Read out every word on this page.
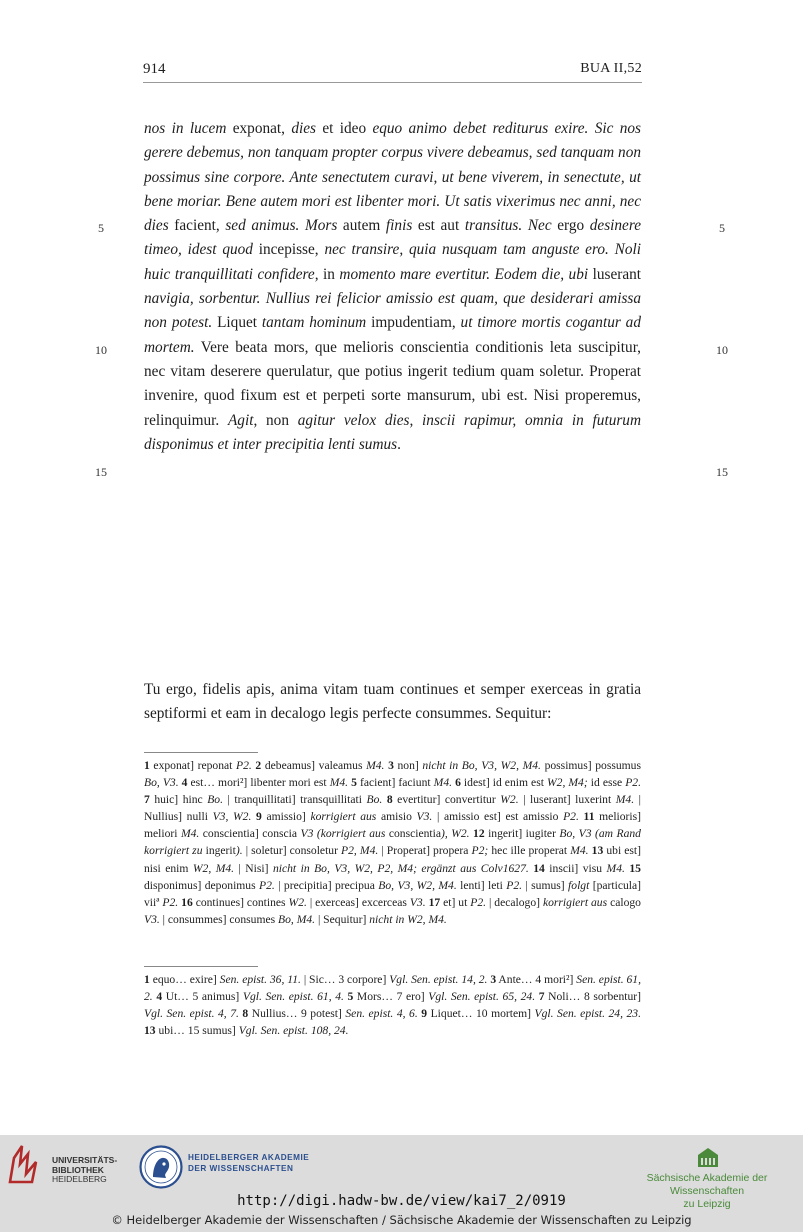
914	BUA II,52
5	5
10	10
15	15
nos in lucem exponat, dies et ideo equo animo debet rediturus exire. Sic nos gerere debemus, non tanquam propter corpus vivere debeamus, sed tanquam non possimus sine corpore. Ante senectutem curavi, ut bene viverem, in senectute, ut bene moriar. Bene autem mori est libenter mori. Ut satis vixerimus nec anni, nec dies facient, sed animus. Mors autem finis est aut transitus. Nec ergo desinere timeo, idest quod incepisse, nec transire, quia nusquam tam anguste ero. Noli huic tranquillitati confidere, in momento mare evertitur. Eodem die, ubi luserant navigia, sorbentur. Nullius rei felicior amissio est quam, que desiderari amissa non potest. Liquet tantam hominum impudentiam, ut timore mortis cogantur ad mortem. Vere beata mors, que melioris conscientia conditionis leta suscipitur, nec vitam deserere querulatur, que potius ingerit tedium quam soletur. Properat invenire, quod fixum est et perpeti sorte mansurum, ubi est. Nisi properemus, relinquimur. Agit, non agitur velox dies, inscii rapimur, omnia in futurum disponimus et inter precipitia lenti sumus.
Tu ergo, fidelis apis, anima vitam tuam continues et semper exerceas in gratia septiformi et eam in decalogo legis perfecte consummes. Sequitur:
1 exponat] reponat P2. 2 debeamus] valeamus M4. 3 non] nicht in Bo, V3, W2, M4. possimus] possumus Bo, V3. 4 est… mori²] libenter mori est M4. 5 facient] faciunt M4. 6 idest] id enim est W2, M4; id esse P2. 7 huic] hinc Bo. | tranquillitati] transquillitati Bo. 8 evertitur] convertitur W2. | luserant] luxerint M4. | Nullius] nulli V3, W2. 9 amissio] korrigiert aus amisio V3. | amissio est] est amissio P2. 11 melioris] meliori M4. conscientia] conscia V3 (korrigiert aus conscientia), W2. 12 ingerit] iugiter Bo, V3 (am Rand korrigiert zu ingerit). | soletur] consoletur P2, M4. | Properat] propera P2; hec ille properat M4. 13 ubi est] nisi enim W2, M4. | Nisi] nicht in Bo, V3, W2, P2, M4; ergänzt aus Colv1627. 14 inscii] visu M4. 15 disponimus] deponimus P2. | precipitia] precipua Bo, V3, W2, M4. lenti] leti P2. | sumus] folgt [particula] viiª P2. 16 continues] contines W2. | exerceas] excerceas V3. 17 et] ut P2. | decalogo] korrigiert aus calogo V3. | consummes] consumes Bo, M4. | Sequitur] nicht in W2, M4.
1 equo… exire] Sen. epist. 36, 11. | Sic… 3 corpore] Vgl. Sen. epist. 14, 2. 3 Ante… 4 mori²] Sen. epist. 61, 2. 4 Ut… 5 animus] Vgl. Sen. epist. 61, 4. 5 Mors… 7 ero] Vgl. Sen. epist. 65, 24. 7 Noli… 8 sorbentur] Vgl. Sen. epist. 4, 7. 8 Nullius… 9 potest] Sen. epist. 4, 6. 9 Liquet… 10 mortem] Vgl. Sen. epist. 24, 23. 13 ubi… 15 sumus] Vgl. Sen. epist. 108, 24.
UNIVERSITÄTS-
BIBLIOTHEK
HEIDELBERG
HEIDELBERGER AKADEMIE
DER WISSENSCHAFTEN
Sächsische Akademie der Wissenschaften
zu Leipzig
http://digi.hadw-bw.de/view/kai7_2/0919
© Heidelberger Akademie der Wissenschaften / Sächsische Akademie der Wissenschaften zu Leipzig
